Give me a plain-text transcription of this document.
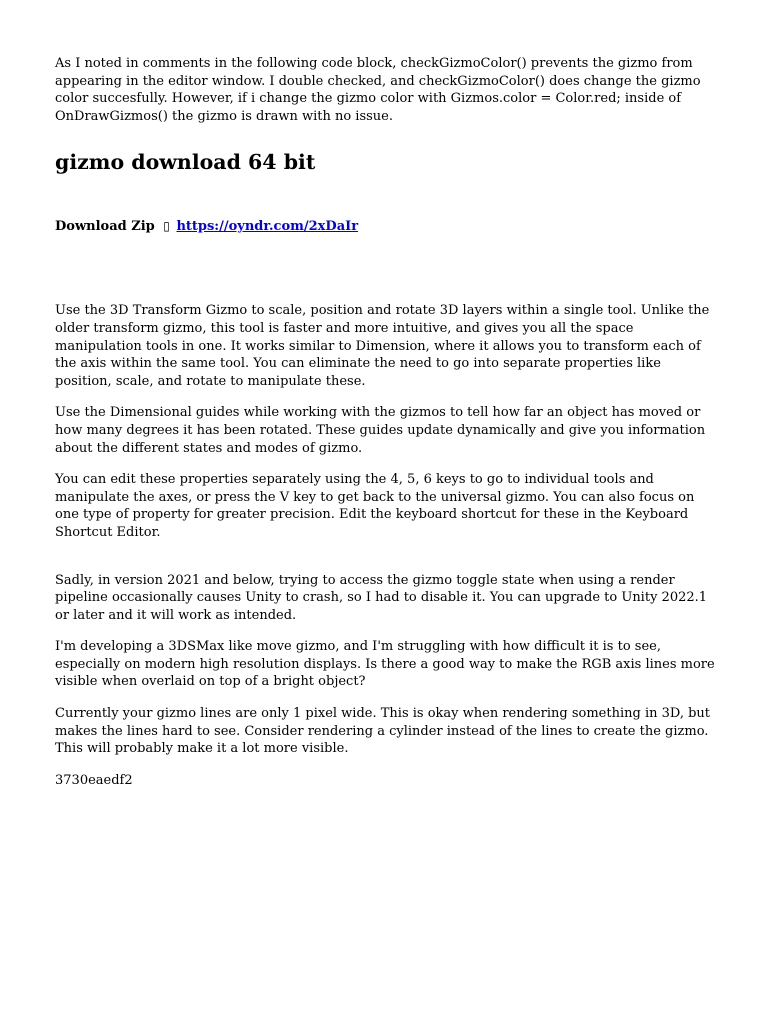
As I noted in comments in the following code block, checkGizmoColor() prevents the gizmo from appearing in the editor window. I double checked, and checkGizmoColor() does change the gizmo color succesfully. However, if i change the gizmo color with Gizmos.color = Color.red; inside of OnDrawGizmos() the gizmo is drawn with no issue.

gizmo download 64 bit
Download Zip ▯ https://oyndr.com/2xDaIr

Use the 3D Transform Gizmo to scale, position and rotate 3D layers within a single tool. Unlike the older transform gizmo, this tool is faster and more intuitive, and gives you all the space manipulation tools in one. It works similar to Dimension, where it allows you to transform each of the axis within the same tool. You can eliminate the need to go into separate properties like position, scale, and rotate to manipulate these.

Use the Dimensional guides while working with the gizmos to tell how far an object has moved or how many degrees it has been rotated. These guides update dynamically and give you information about the different states and modes of gizmo.

You can edit these properties separately using the 4, 5, 6 keys to go to individual tools and manipulate the axes, or press the V key to get back to the universal gizmo. You can also focus on one type of property for greater precision. Edit the keyboard shortcut for these in the Keyboard Shortcut Editor.

Sadly, in version 2021 and below, trying to access the gizmo toggle state when using a render pipeline occasionally causes Unity to crash, so I had to disable it. You can upgrade to Unity 2022.1 or later and it will work as intended.

I'm developing a 3DSMax like move gizmo, and I'm struggling with how difficult it is to see, especially on modern high resolution displays. Is there a good way to make the RGB axis lines more visible when overlaid on top of a bright object?

Currently your gizmo lines are only 1 pixel wide. This is okay when rendering something in 3D, but makes the lines hard to see. Consider rendering a cylinder instead of the lines to create the gizmo. This will probably make it a lot more visible.

3730eaedf2
